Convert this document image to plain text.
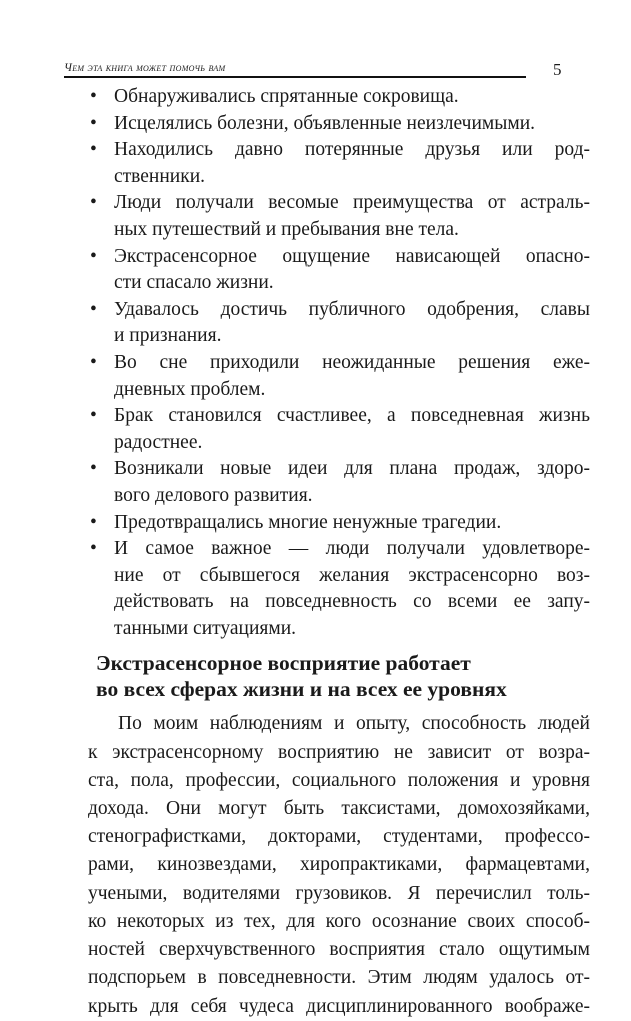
Чем эта книга может помочь вам	5
• Обнаруживались спрятанные сокровища.
• Исцелялись болезни, объявленные неизлечимыми.
• Находились давно потерянные друзья или род-
ственники.
• Люди получали весомые преимущества от астраль-
ных путешествий и пребывания вне тела.
• Экстрасенсорное ощущение нависающей опасно-
сти спасало жизни.
• Удавалось достичь публичного одобрения, славы
и признания.
• Во сне приходили неожиданные решения еже-
дневных проблем.
• Брак становился счастливее, а повседневная жизнь
радостнее.
• Возникали новые идеи для плана продаж, здоро-
вого делового развития.
• Предотвращались многие ненужные трагедии.
• И самое важное — люди получали удовлетворе-
ние от сбывшегося желания экстрасенсорно воз-
действовать на повседневность со всеми ее запу-
танными ситуациями.
Экстрасенсорное восприятие работает
во всех сферах жизни и на всех ее уровнях
По моим наблюдениям и опыту, способность людей
к экстрасенсорному восприятию не зависит от возра-
ста, пола, профессии, социального положения и уровня
дохода. Они могут быть таксистами, домохозяйками,
стенографистками, докторами, студентами, профессо-
рами, кинозвездами, хиропрактиками, фармацевтами,
учеными, водителями грузовиков. Я перечислил толь-
ко некоторых из тех, для кого осознание своих способ-
ностей сверхчувственного восприятия стало ощутимым
подспорьем в повседневности. Этим людям удалось от-
крыть для себя чудеса дисциплинированного воображе-
